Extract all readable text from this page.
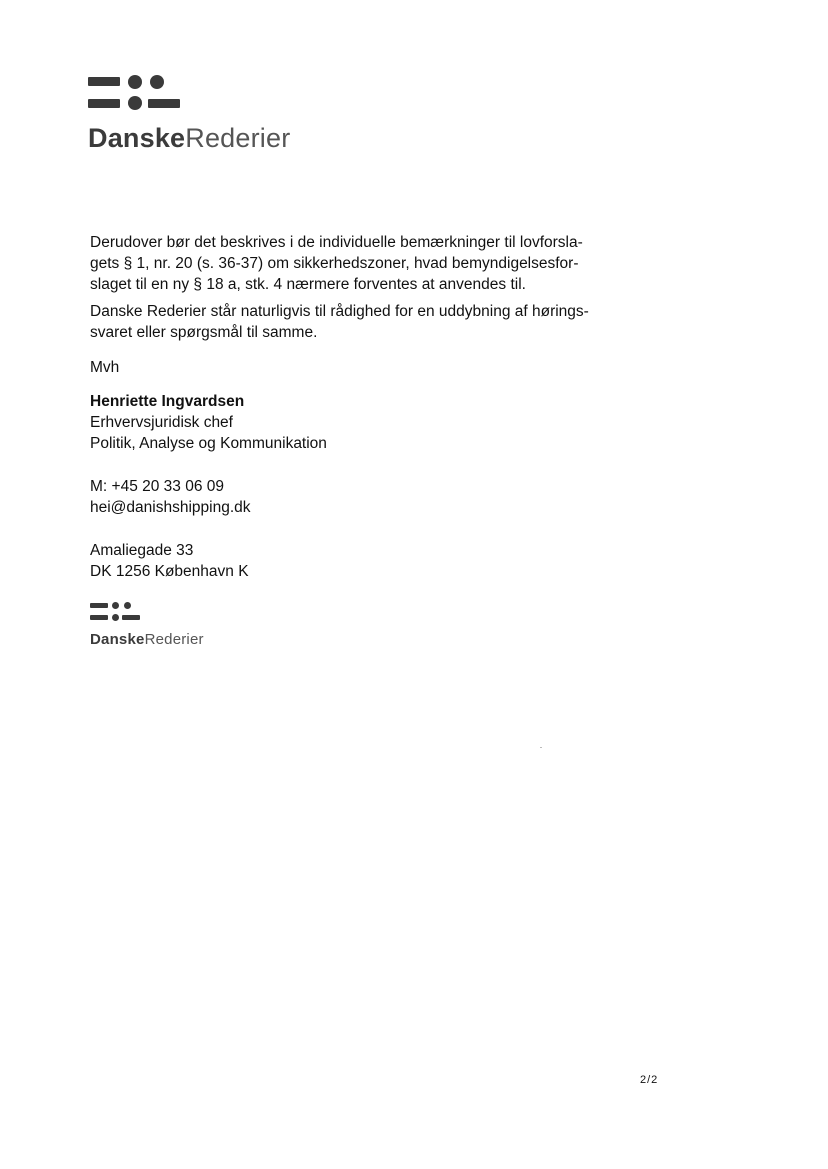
DanskeRederier
Derudover bør det beskrives i de individuelle bemærkninger til lovforsla-
gets § 1, nr. 20 (s. 36-37) om sikkerhedszoner, hvad bemyndigelsesfor-
slaget til en ny § 18 a, stk. 4 nærmere forventes at anvendes til.
Danske Rederier står naturligvis til rådighed for en uddybning af hørings-
svaret eller spørgsmål til samme.
Mvh
Henriette Ingvardsen
Erhvervsjuridisk chef
Politik, Analyse og Kommunikation
M: +45 20 33 06 09
hei@danishshipping.dk
Amaliegade 33
DK 1256 København K
DanskeRederier
2/2
